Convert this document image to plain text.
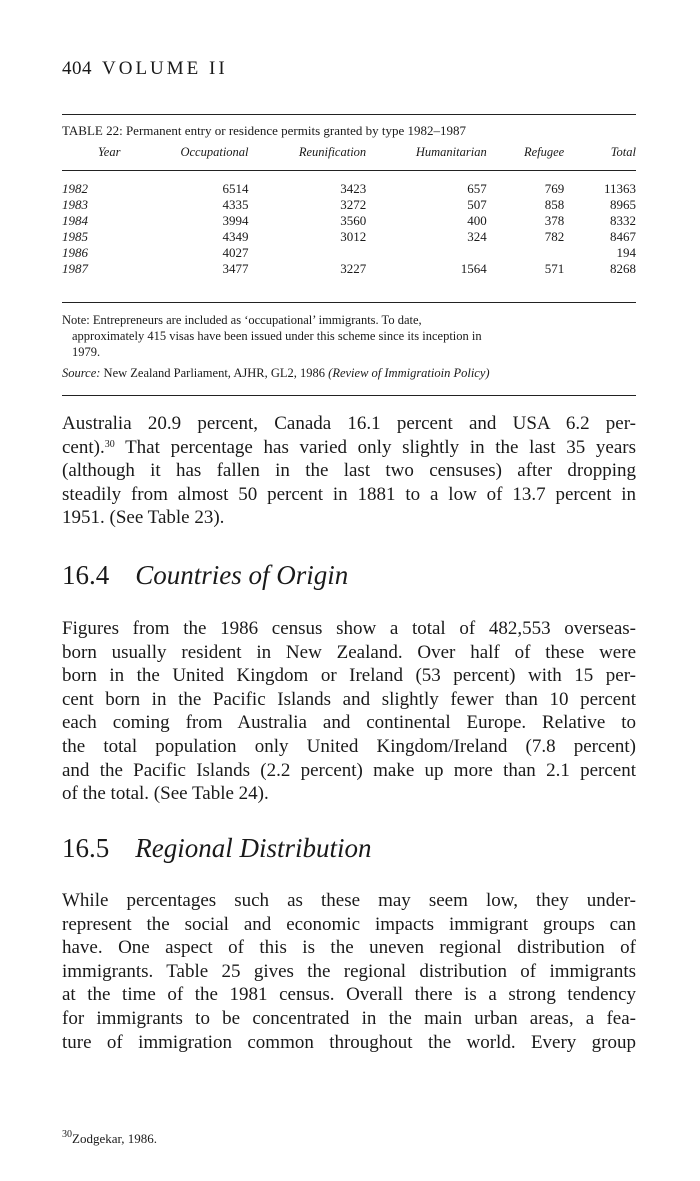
404 VOLUME II
TABLE 22: Permanent entry or residence permits granted by type 1982–1987
Year	Occupational	Reunification	Humanitarian	Refugee	Total
1982	6514	3423	657	769	11363
1983	4335	3272	507	858	8965
1984	3994	3560	400	378	8332
1985	4349	3012	324	782	8467
1986	4027				194
1987	3477	3227	1564	571	8268
Note: Entrepreneurs are included as ‘occupational’ immigrants. To date,
approximately 415 visas have been issued under this scheme since its inception in
1979.
Source: New Zealand Parliament, AJHR, GL2, 1986 (Review of Immigratioin Policy)
Australia 20.9 percent, Canada 16.1 percent and USA 6.2 per-
cent).$^{30}$ That percentage has varied only slightly in the last 35 years
(although it has fallen in the last two censuses) after dropping
steadily from almost 50 percent in 1881 to a low of 13.7 percent in
1951. (See Table 23).
16.4 Countries of Origin
Figures from the 1986 census show a total of 482,553 overseas-
born usually resident in New Zealand. Over half of these were
born in the United Kingdom or Ireland (53 percent) with 15 per-
cent born in the Pacific Islands and slightly fewer than 10 percent
each coming from Australia and continental Europe. Relative to
the total population only United Kingdom/Ireland (7.8 percent)
and the Pacific Islands (2.2 percent) make up more than 2.1 percent
of the total. (See Table 24).
16.5 Regional Distribution
While percentages such as these may seem low, they under-
represent the social and economic impacts immigrant groups can
have. One aspect of this is the uneven regional distribution of
immigrants. Table 25 gives the regional distribution of immigrants
at the time of the 1981 census. Overall there is a strong tendency
for immigrants to be concentrated in the main urban areas, a fea-
ture of immigration common throughout the world. Every group
$^{30}$Zodgekar, 1986.
